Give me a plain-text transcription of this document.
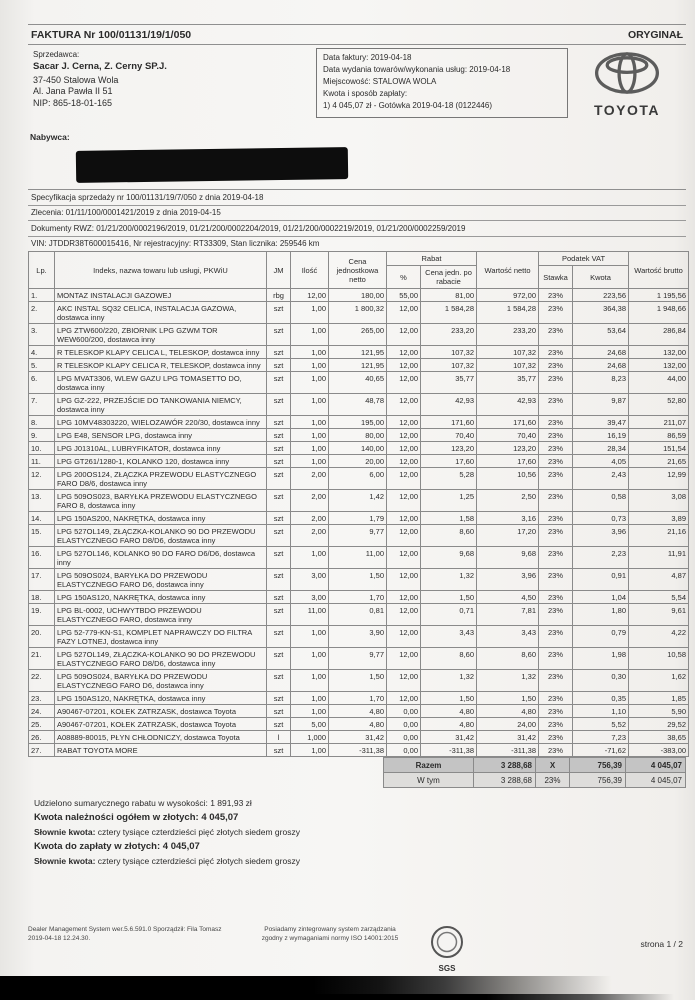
FAKTURA Nr 100/01131/19/1/050	ORYGINAŁ
Sprzedawca:
Sacar J. Cerna, Z. Cerny SP.J.
37-450 Stalowa Wola
Al. Jana Pawła II 51
NIP: 865-18-01-165
Data faktury: 2019-04-18
Data wydania towarów/wykonania usług: 2019-04-18
Miejscowość: STALOWA WOLA
Kwota i sposób zapłaty:
1) 4 045,07 zł - Gotówka 2019-04-18 (0122446)	TOYOTA
Nabywca:
Specyfikacja sprzedaży nr 100/01131/19/7/050 z dnia 2019-04-18
Zlecenia: 01/11/100/0001421/2019 z dnia 2019-04-15
Dokumenty RWZ: 01/21/200/0002196/2019, 01/21/200/0002204/2019, 01/21/200/0002219/2019, 01/21/200/0002259/2019
VIN: JTDDR38T600015416, Nr rejestracyjny: RT33309, Stan licznika: 259546 km
Lp.	Indeks, nazwa towaru lub usługi, PKWiU	JM	Ilość	Cena jednostkowa netto	Rabat		Wartość netto	Podatek VAT		Wartość brutto
					%	Cena jedn. po rabacie		Stawka	Kwota	
1.	MONTAZ INSTALACJI GAZOWEJ	rbg	12,00	180,00	55,00	81,00	972,00	23%	223,56	1 195,56
2.	AKC INSTAL SQ32 CELICA, INSTALACJA GAZOWA, dostawca inny	szt	1,00	1 800,32	12,00	1 584,28	1 584,28	23%	364,38	1 948,66
3.	LPG ZTW600/220, ZBIORNIK LPG GZWM TOR WEW600/200, dostawca inny	szt	1,00	265,00	12,00	233,20	233,20	23%	53,64	286,84
4.	R TELESKOP KLAPY CELICA L, TELESKOP, dostawca inny	szt	1,00	121,95	12,00	107,32	107,32	23%	24,68	132,00
5.	R TELESKOP KLAPY CELICA R, TELESKOP, dostawca inny	szt	1,00	121,95	12,00	107,32	107,32	23%	24,68	132,00
6.	LPG MVAT3306, WLEW GAZU LPG TOMASETTO DO, dostawca inny	szt	1,00	40,65	12,00	35,77	35,77	23%	8,23	44,00
7.	LPG GZ-222, PRZEJŚCIE DO TANKOWANIA NIEMCY, dostawca inny	szt	1,00	48,78	12,00	42,93	42,93	23%	9,87	52,80
8.	LPG 10MV48303220, WIELOZAWÓR 220/30, dostawca inny	szt	1,00	195,00	12,00	171,60	171,60	23%	39,47	211,07
9.	LPG E48, SENSOR LPG, dostawca inny	szt	1,00	80,00	12,00	70,40	70,40	23%	16,19	86,59
10.	LPG J01310AL, LUBRYFIKATOR, dostawca inny	szt	1,00	140,00	12,00	123,20	123,20	23%	28,34	151,54
11.	LPG GT261/1280-1, KOLANKO 120, dostawca inny	szt	1,00	20,00	12,00	17,60	17,60	23%	4,05	21,65
12.	LPG 200OS124, ZŁĄCZKA PRZEWODU ELASTYCZNEGO FARO D8/6, dostawca inny	szt	2,00	6,00	12,00	5,28	10,56	23%	2,43	12,99
13.	LPG 509OS023, BARYŁKA PRZEWODU ELASTYCZNEGO FARO 8, dostawca inny	szt	2,00	1,42	12,00	1,25	2,50	23%	0,58	3,08
14.	LPG 150AS200, NAKRĘTKA, dostawca inny	szt	2,00	1,79	12,00	1,58	3,16	23%	0,73	3,89
15.	LPG 527OL149, ZŁĄCZKA-KOLANKO 90 DO PRZEWODU ELASTYCZNEGO FARO D8/D6, dostawca inny	szt	2,00	9,77	12,00	8,60	17,20	23%	3,96	21,16
16.	LPG 527OL146, KOLANKO 90 DO FARO D6/D6, dostawca inny	szt	1,00	11,00	12,00	9,68	9,68	23%	2,23	11,91
17.	LPG 509OS024, BARYŁKA DO PRZEWODU ELASTYCZNEGO FARO D6, dostawca inny	szt	3,00	1,50	12,00	1,32	3,96	23%	0,91	4,87
18.	LPG 150AS120, NAKRĘTKA, dostawca inny	szt	3,00	1,70	12,00	1,50	4,50	23%	1,04	5,54
19.	LPG BL-0002, UCHWYTBDO PRZEWODU ELASTYCZNEGO FARO, dostawca inny	szt	11,00	0,81	12,00	0,71	7,81	23%	1,80	9,61
20.	LPG 52-779-KN-S1, KOMPLET NAPRAWCZY DO FILTRA FAZY LOTNEJ, dostawca inny	szt	1,00	3,90	12,00	3,43	3,43	23%	0,79	4,22
21.	LPG 527OL149, ZŁĄCZKA-KOLANKO 90 DO PRZEWODU ELASTYCZNEGO FARO D8/D6, dostawca inny	szt	1,00	9,77	12,00	8,60	8,60	23%	1,98	10,58
22.	LPG 509OS024, BARYŁKA DO PRZEWODU ELASTYCZNEGO FARO D6, dostawca inny	szt	1,00	1,50	12,00	1,32	1,32	23%	0,30	1,62
23.	LPG 150AS120, NAKRĘTKA, dostawca inny	szt	1,00	1,70	12,00	1,50	1,50	23%	0,35	1,85
24.	A90467-07201, KOŁEK ZATRZASK, dostawca Toyota	szt	1,00	4,80	0,00	4,80	4,80	23%	1,10	5,90
25.	A90467-07201, KOŁEK ZATRZASK, dostawca Toyota	szt	5,00	4,80	0,00	4,80	24,00	23%	5,52	29,52
26.	A08889-80015, PŁYN CHŁODNICZY, dostawca Toyota	l	1,000	31,42	0,00	31,42	31,42	23%	7,23	38,65
27.	RABAT TOYOTA MORE	szt	1,00	-311,38	0,00	-311,38	-311,38	23%	-71,62	-383,00
Razem	3 288,68	X	756,39	4 045,07
W tym	3 288,68	23%	756,39	4 045,07
Udzielono sumarycznego rabatu w wysokości: 1 891,93 zł
Kwota należności ogółem w złotych: 4 045,07
Słownie kwota: cztery tysiące czterdzieści pięć złotych siedem groszy
Kwota do zapłaty w złotych: 4 045,07
Słownie kwota: cztery tysiące czterdzieści pięć złotych siedem groszy
Dealer Management System wer.5.6.591.0 Sporządził: Fila Tomasz
2019-04-18 12.24.30.
Posiadamy zintegrowany system zarządzania zgodny z wymaganiami normy ISO 14001:2015
SGS
strona 1 / 2
